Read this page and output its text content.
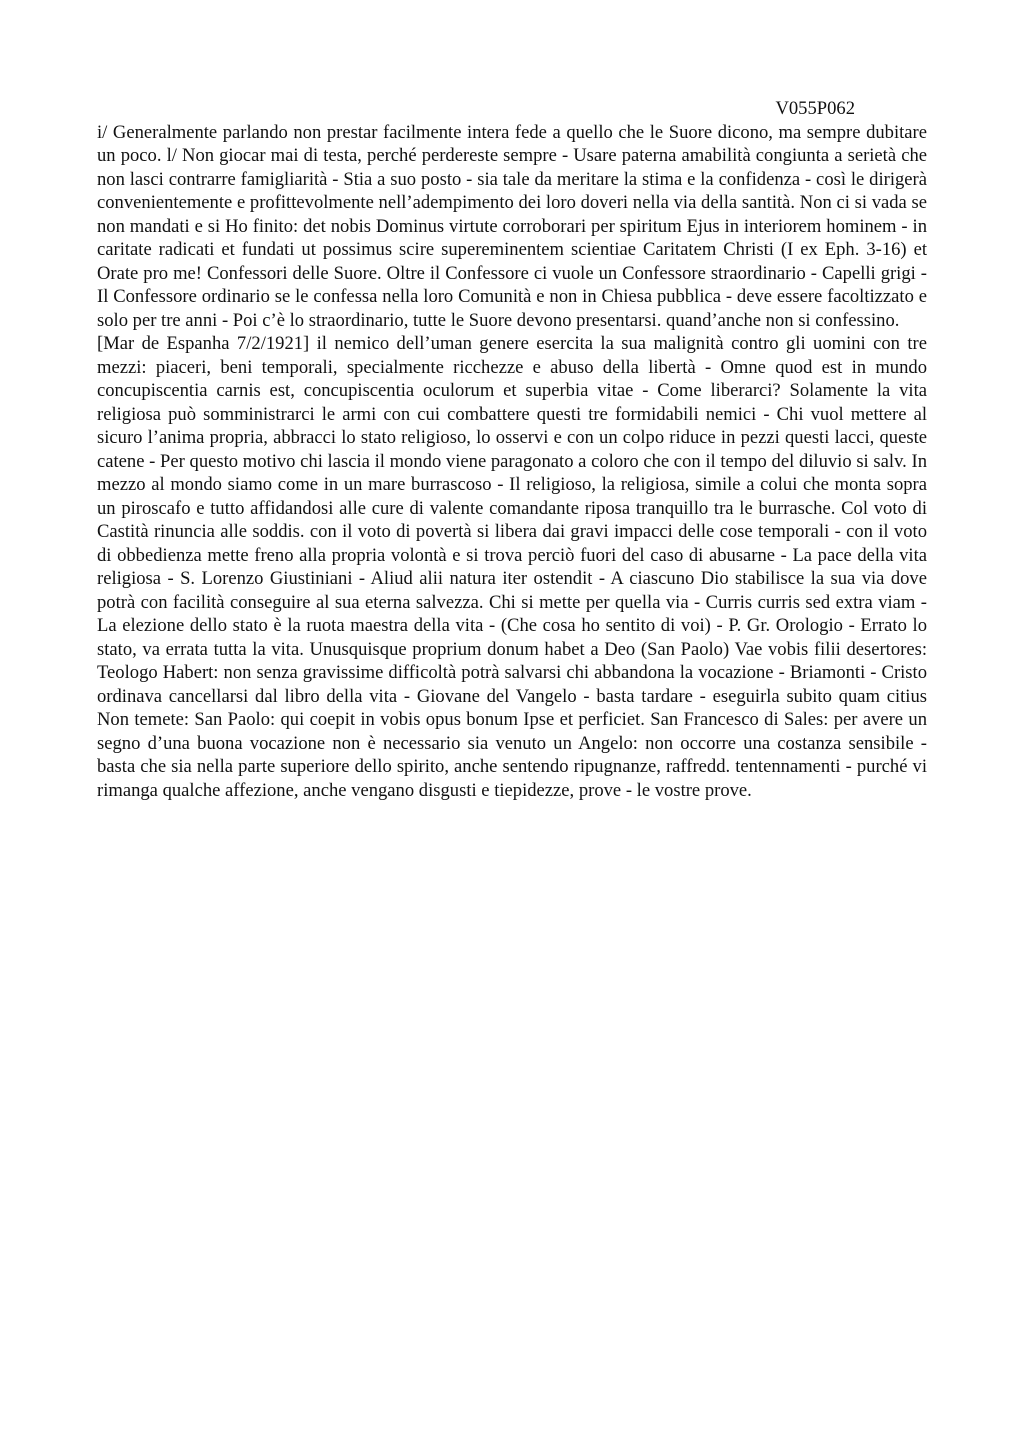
V055P062

i/ Generalmente parlando non prestar facilmente intera fede a quello che le Suore dicono, ma sempre dubitare un poco. l/ Non giocar mai di testa, perché perdereste sempre - Usare paterna amabilità congiunta a serietà che non lasci contrarre famigliarità - Stia a suo posto - sia tale da meritare la stima e la confidenza - così le dirigerà convenientemente e profittevolmente nell’adempimento dei loro doveri nella via della santità. Non ci si vada se non mandati e si Ho finito: det nobis Dominus virtute corroborari per spiritum Ejus in interiorem hominem - in caritate radicati et fundati ut possimus scire supereminentem scientiae Caritatem Christi (I ex Eph. 3-16) et Orate pro me! Confessori delle Suore. Oltre il Confessore ci vuole un Confessore straordinario - Capelli grigi - Il Confessore ordinario se le confessa nella loro Comunità e non in Chiesa pubblica - deve essere facoltizzato e solo per tre anni - Poi c’è lo straordinario, tutte le Suore devono presentarsi. quand’anche non si confessino.

[Mar de Espanha 7/2/1921] il nemico dell’uman genere esercita la sua malignità contro gli uomini con tre mezzi: piaceri, beni temporali, specialmente ricchezze e abuso della libertà - Omne quod est in mundo concupiscentia carnis est, concupiscentia oculorum et superbia vitae - Come liberarci? Solamente la vita religiosa può somministrarci le armi con cui combattere questi tre formidabili nemici - Chi vuol mettere al sicuro l’anima propria, abbracci lo stato religioso, lo osservi e con un colpo riduce in pezzi questi lacci, queste catene - Per questo motivo chi lascia il mondo viene paragonato a coloro che con il tempo del diluvio si salv. In mezzo al mondo siamo come in un mare burrascoso - Il religioso, la religiosa, simile a colui che monta sopra un piroscafo e tutto affidandosi alle cure di valente comandante riposa tranquillo tra le burrasche. Col voto di Castità rinuncia alle soddis. con il voto di povertà si libera dai gravi impacci delle cose temporali - con il voto di obbedienza mette freno alla propria volontà e si trova perciò fuori del caso di abusarne - La pace della vita religiosa - S. Lorenzo Giustiniani - Aliud alii natura iter ostendit - A ciascuno Dio stabilisce la sua via dove potrà con facilità conseguire al sua eterna salvezza. Chi si mette per quella via - Curris curris sed extra viam - La elezione dello stato è la ruota maestra della vita - (Che cosa ho sentito di voi) - P. Gr. Orologio - Errato lo stato, va errata tutta la vita. Unusquisque proprium donum habet a Deo (San Paolo) Vae vobis filii desertores: Teologo Habert: non senza gravissime difficoltà potrà salvarsi chi abbandona la vocazione - Briamonti - Cristo ordinava cancellarsi dal libro della vita - Giovane del Vangelo - basta tardare - eseguirla subito quam citius Non temete: San Paolo: qui coepit in vobis opus bonum Ipse et perficiet. San Francesco di Sales: per avere un segno d’una buona vocazione non è necessario sia venuto un Angelo: non occorre una costanza sensibile - basta che sia nella parte superiore dello spirito, anche sentendo ripugnanze, raffredd. tentennamenti - purché vi rimanga qualche affezione, anche vengano disgusti e tiepidezze, prove - le vostre prove.
